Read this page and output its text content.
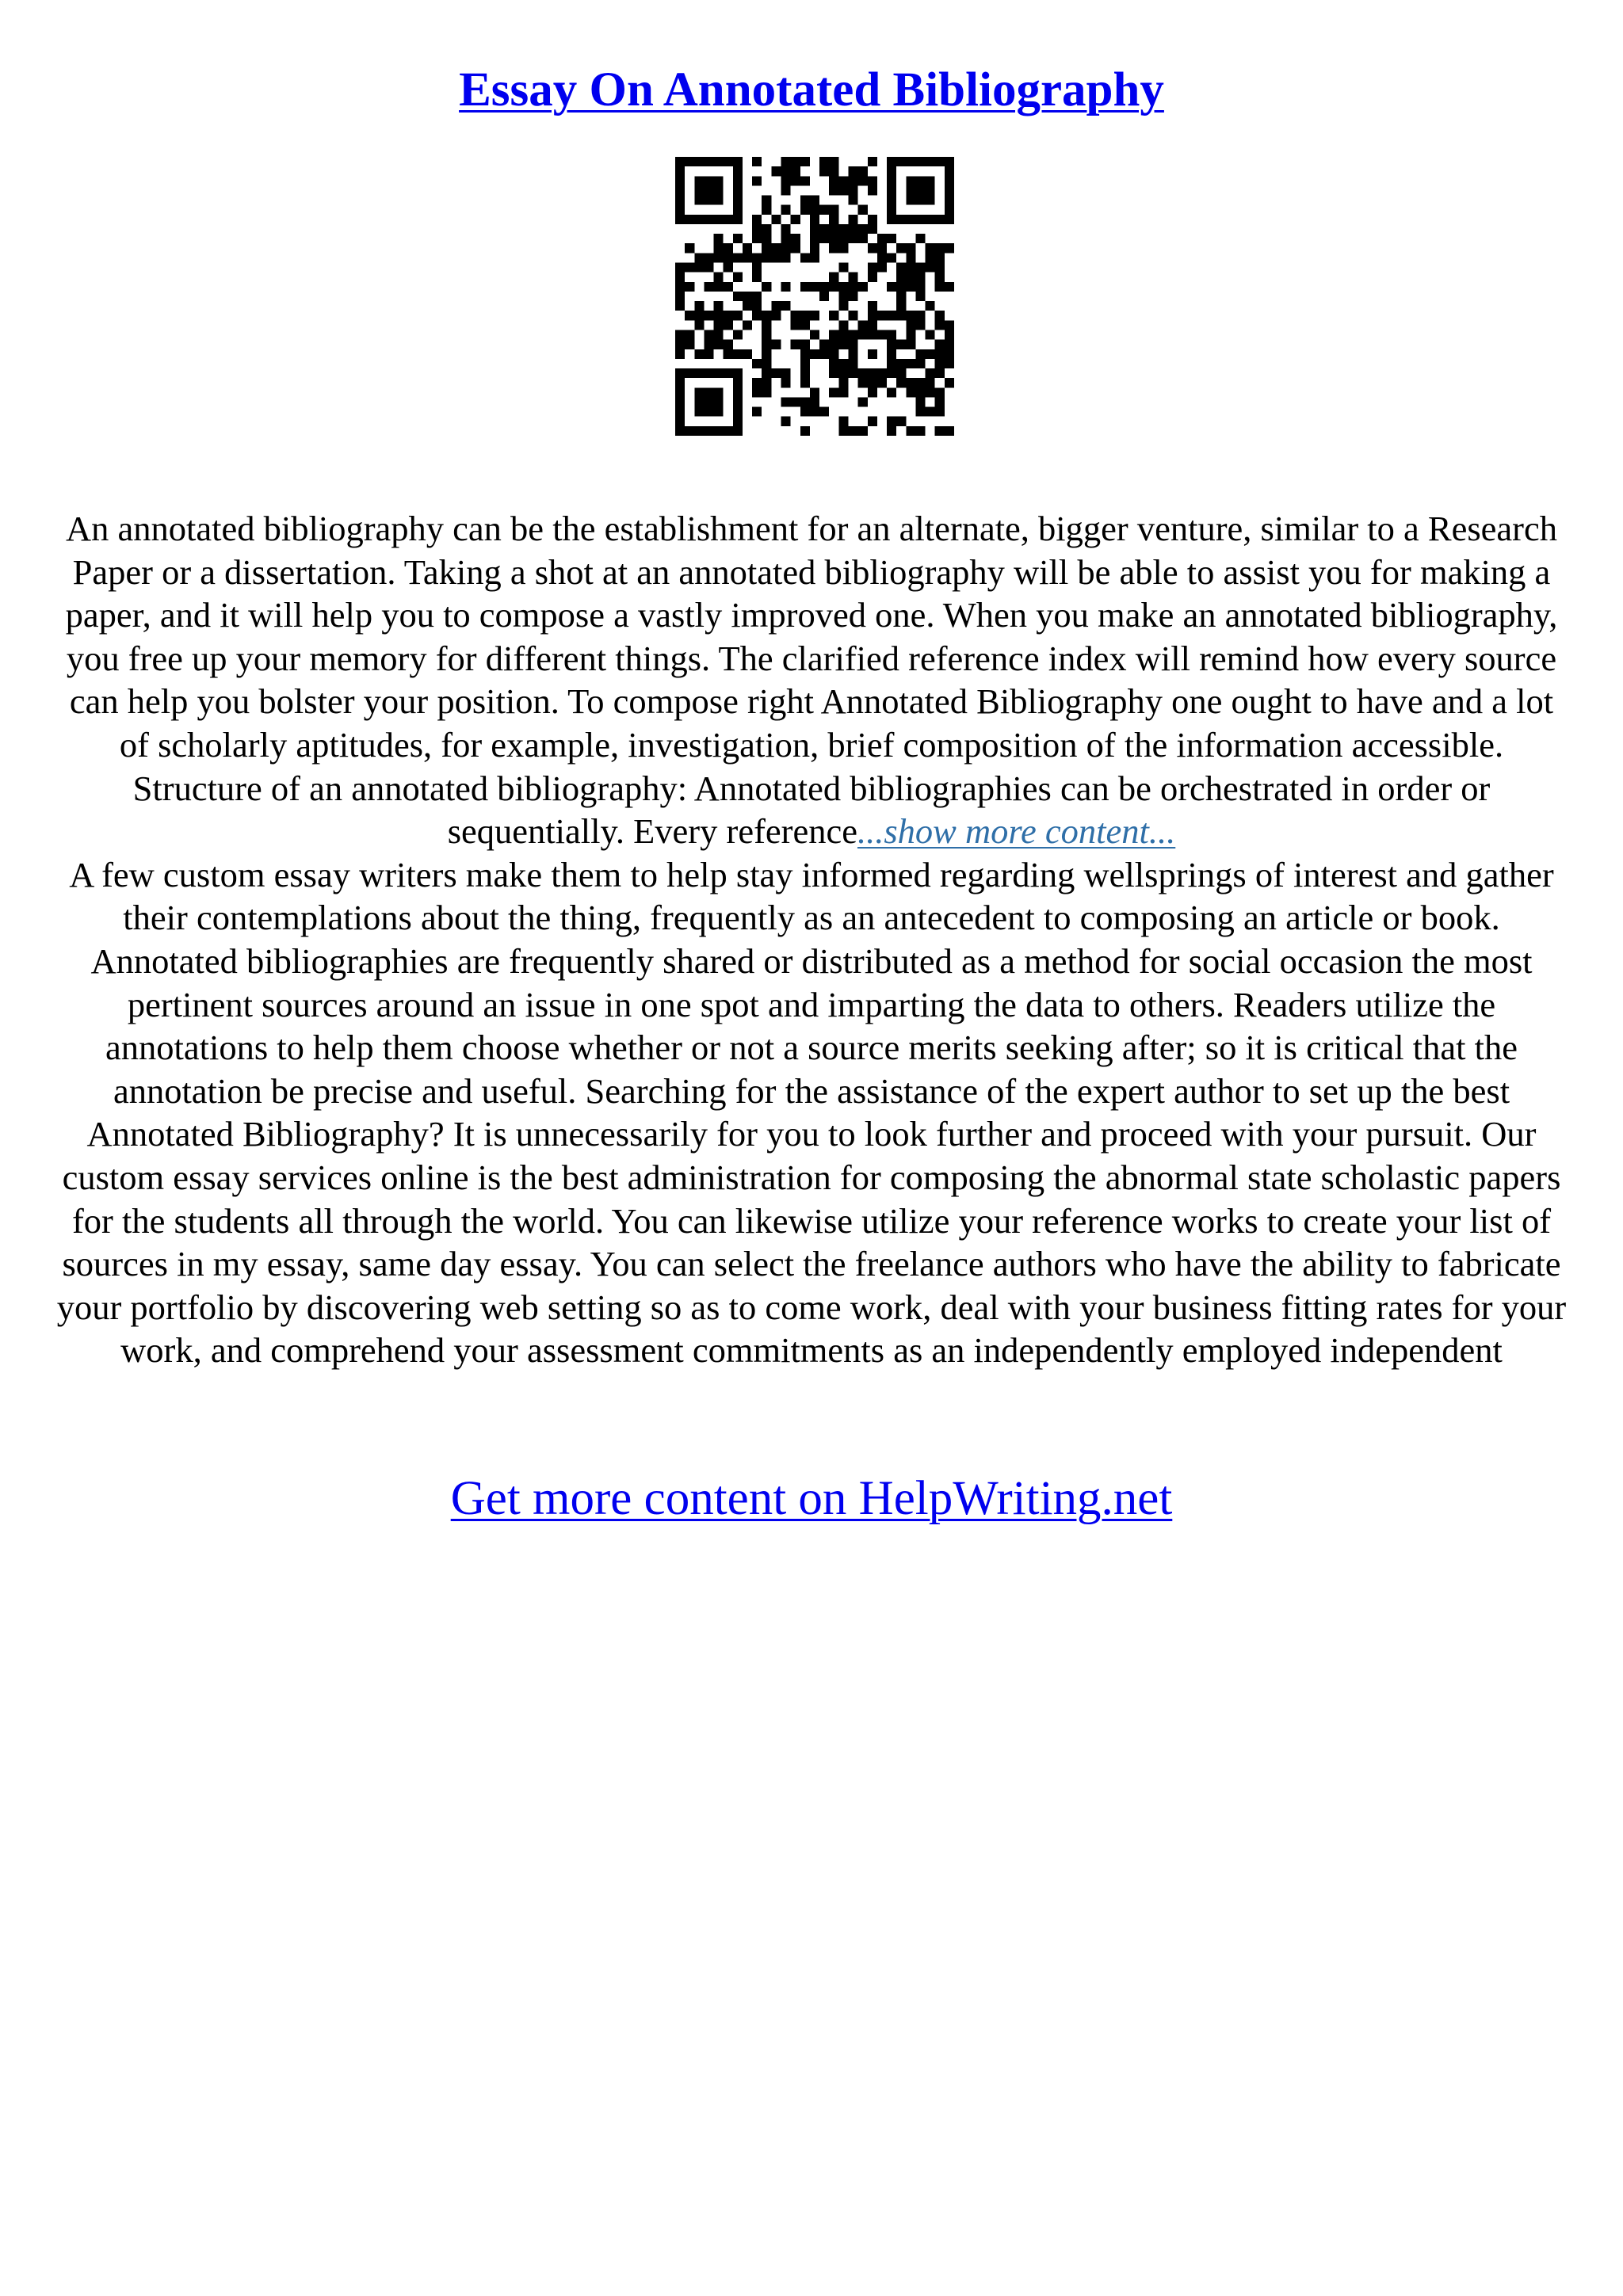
Essay On Annotated Bibliography

An annotated bibliography can be the establishment for an alternate, bigger venture, similar to a Research Paper or a dissertation. Taking a shot at an annotated bibliography will be able to assist you for making a paper, and it will help you to compose a vastly improved one. When you make an annotated bibliography, you free up your memory for different things. The clarified reference index will remind how every source can help you bolster your position. To compose right Annotated Bibliography one ought to have and a lot of scholarly aptitudes, for example, investigation, brief composition of the information accessible. Structure of an annotated bibliography: Annotated bibliographies can be orchestrated in order or sequentially. Every reference...show more content...
A few custom essay writers make them to help stay informed regarding wellsprings of interest and gather their contemplations about the thing, frequently as an antecedent to composing an article or book. Annotated bibliographies are frequently shared or distributed as a method for social occasion the most pertinent sources around an issue in one spot and imparting the data to others. Readers utilize the annotations to help them choose whether or not a source merits seeking after; so it is critical that the annotation be precise and useful. Searching for the assistance of the expert author to set up the best Annotated Bibliography? It is unnecessarily for you to look further and proceed with your pursuit. Our custom essay services online is the best administration for composing the abnormal state scholastic papers for the students all through the world. You can likewise utilize your reference works to create your list of sources in my essay, same day essay. You can select the freelance authors who have the ability to fabricate your portfolio by discovering web setting so as to come work, deal with your business fitting rates for your work, and comprehend your assessment commitments as an independently employed independent

Get more content on HelpWriting.net
